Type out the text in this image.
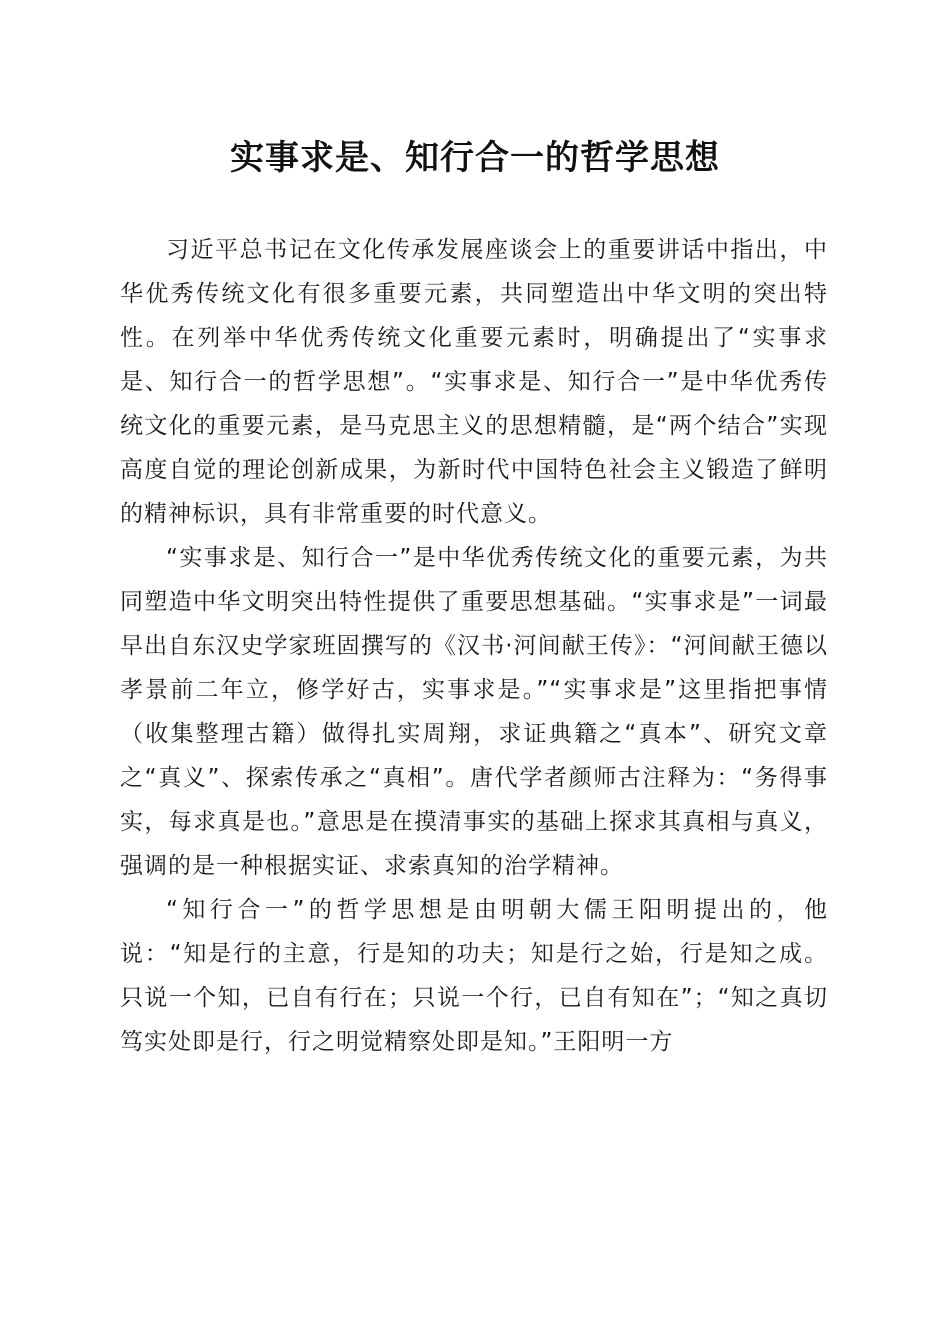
实事求是、知行合一的哲学思想

习近平总书记在文化传承发展座谈会上的重要讲话中指出，中华优秀传统文化有很多重要元素，共同塑造出中华文明的突出特性。在列举中华优秀传统文化重要元素时，明确提出了“实事求是、知行合一的哲学思想”。“实事求是、知行合一”是中华优秀传统文化的重要元素，是马克思主义的思想精髓，是“两个结合”实现高度自觉的理论创新成果，为新时代中国特色社会主义锻造了鲜明的精神标识，具有非常重要的时代意义。

“实事求是、知行合一”是中华优秀传统文化的重要元素，为共同塑造中华文明突出特性提供了重要思想基础。“实事求是”一词最早出自东汉史学家班固撰写的《汉书·河间献王传》：“河间献王德以孝景前二年立，修学好古，实事求是。”“实事求是”这里指把事情（收集整理古籍）做得扎实周翔，求证典籍之“真本”、研究文章之“真义”、探索传承之“真相”。唐代学者颜师古注释为：“务得事实，每求真是也。”意思是在摸清事实的基础上探求其真相与真义，强调的是一种根据实证、求索真知的治学精神。

“知行合一”的哲学思想是由明朝大儒王阳明提出的，他说：“知是行的主意，行是知的功夫；知是行之始，行是知之成。只说一个知，已自有行在；只说一个行，已自有知在”；“知之真切笃实处即是行，行之明觉精察处即是知。”王阳明一方
